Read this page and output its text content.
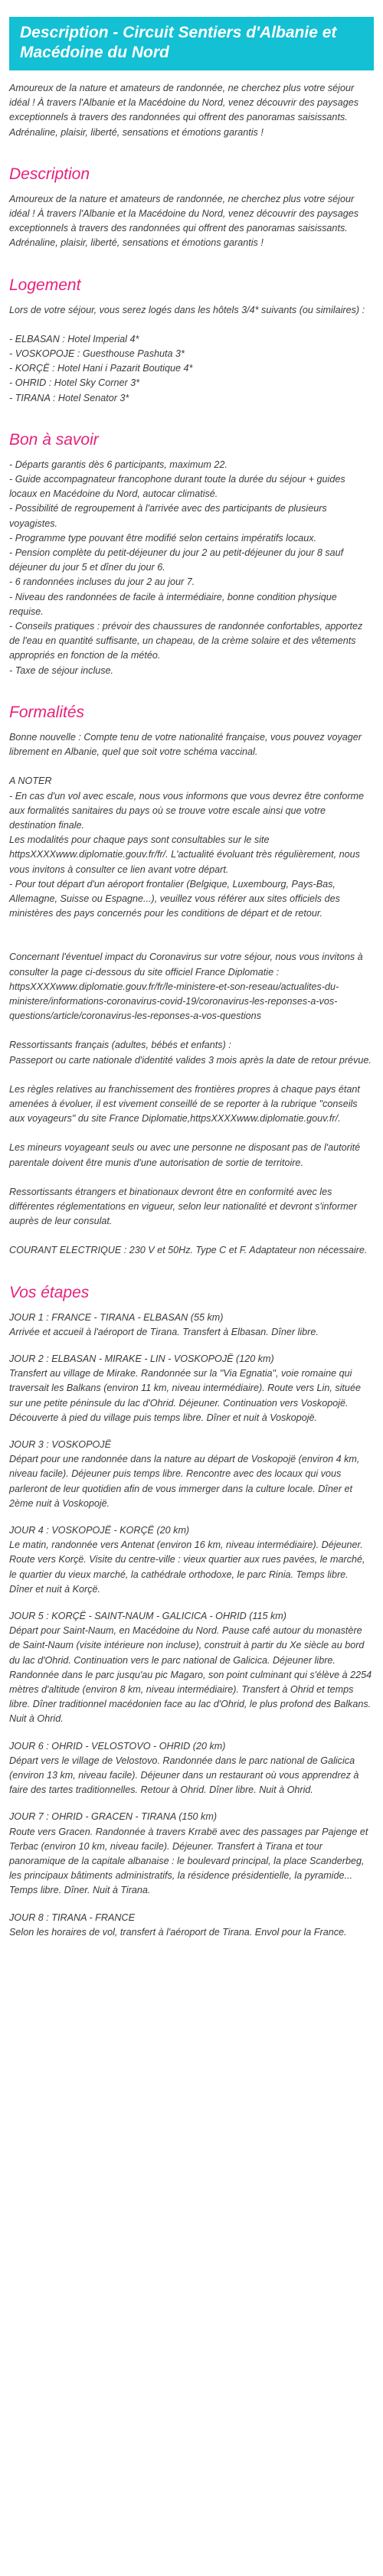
Description - Circuit Sentiers d'Albanie et Macédoine du Nord

Amoureux de la nature et amateurs de randonnée, ne cherchez plus votre séjour idéal ! À travers l'Albanie et la Macédoine du Nord, venez découvrir des paysages exceptionnels à travers des randonnées qui offrent des panoramas saisissants. Adrénaline, plaisir, liberté, sensations et émotions garantis !

Description

Amoureux de la nature et amateurs de randonnée, ne cherchez plus votre séjour idéal ! À travers l'Albanie et la Macédoine du Nord, venez découvrir des paysages exceptionnels à travers des randonnées qui offrent des panoramas saisissants. Adrénaline, plaisir, liberté, sensations et émotions garantis !

Logement

Lors de votre séjour, vous serez logés dans les hôtels 3/4* suivants (ou similaires) :

- ELBASAN : Hotel Imperial 4*

- VOSKOPOJE : Guesthouse Pashuta 3*

- KORÇË : Hotel Hani i Pazarit Boutique 4*

- OHRID : Hotel Sky Corner 3*

- TIRANA : Hotel Senator 3*

Bon à savoir

- Départs garantis dès 6 participants, maximum 22.

- Guide accompagnateur francophone durant toute la durée du séjour + guides locaux en Macédoine du Nord, autocar climatisé.

- Possibilité de regroupement à l'arrivée avec des participants de plusieurs voyagistes.

- Programme type pouvant être modifié selon certains impératifs locaux.

- Pension complète du petit-déjeuner du jour 2 au petit-déjeuner du jour 8 sauf déjeuner du jour 5 et dîner du jour 6.

- 6 randonnées incluses du jour 2 au jour 7.

- Niveau des randonnées de facile à intermédiaire, bonne condition physique requise.

- Conseils pratiques : prévoir des chaussures de randonnée confortables, apportez de l'eau en quantité suffisante, un chapeau, de la crème solaire et des vêtements appropriés en fonction de la météo.

- Taxe de séjour incluse.

Formalités

Bonne nouvelle : Compte tenu de votre nationalité française, vous pouvez voyager librement en Albanie, quel que soit votre schéma vaccinal.

A NOTER

- En cas d'un vol avec escale, nous vous informons que vous devrez être conforme aux formalités sanitaires du pays où se trouve votre escale ainsi que votre destination finale.

Les modalités pour chaque pays sont consultables sur le site httpsXXXXwww.diplomatie.gouv.fr/fr/. L'actualité évoluant très régulièrement, nous vous invitons à consulter ce lien avant votre départ.

- Pour tout départ d'un aéroport frontalier (Belgique, Luxembourg, Pays-Bas, Allemagne, Suisse ou Espagne...), veuillez vous référer aux sites officiels des ministères des pays concernés pour les conditions de départ et de retour.

Concernant l'éventuel impact du Coronavirus sur votre séjour, nous vous invitons à consulter la page ci-dessous du site officiel France Diplomatie : httpsXXXXwww.diplomatie.gouv.fr/fr/le-ministere-et-son-reseau/actualites-du-ministere/informations-coronavirus-covid-19/coronavirus-les-reponses-a-vos-questions/article/coronavirus-les-reponses-a-vos-questions

Ressortissants français (adultes, bébés et enfants) :

Passeport ou carte nationale d'identité valides 3 mois après la date de retour prévue.

Les règles relatives au franchissement des frontières propres à chaque pays étant amenées à évoluer, il est vivement conseillé de se reporter à la rubrique "conseils aux voyageurs" du site France Diplomatie,httpsXXXXwww.diplomatie.gouv.fr/.

Les mineurs voyageant seuls ou avec une personne ne disposant pas de l'autorité parentale doivent être munis d'une autorisation de sortie de territoire.

Ressortissants étrangers et binationaux devront être en conformité avec les différentes réglementations en vigueur, selon leur nationalité et devront s'informer auprès de leur consulat.

COURANT ELECTRIQUE : 230 V et 50Hz. Type C et F. Adaptateur non nécessaire.

Vos étapes

JOUR 1 : FRANCE - TIRANA - ELBASAN (55 km)

Arrivée et accueil à l'aéroport de Tirana. Transfert à Elbasan. Dîner libre.

JOUR 2 : ELBASAN - MIRAKE - LIN - VOSKOPOJË (120 km)

Transfert au village de Mirake. Randonnée sur la "Via Egnatia", voie romaine qui traversait les Balkans (environ 11 km, niveau intermédiaire). Route vers Lin, située sur une petite péninsule du lac d'Ohrid. Déjeuner. Continuation vers Voskopojë. Découverte à pied du village puis temps libre. Dîner et nuit à Voskopojë.

JOUR 3 : VOSKOPOJË

Départ pour une randonnée dans la nature au départ de Voskopojë (environ 4 km, niveau facile). Déjeuner puis temps libre. Rencontre avec des locaux qui vous parleront de leur quotidien afin de vous immerger dans la culture locale. Dîner et 2ème nuit à Voskopojë.

JOUR 4 : VOSKOPOJË - KORÇË (20 km)

Le matin, randonnée vers Antenat (environ 16 km, niveau intermédiaire). Déjeuner. Route vers Korçë. Visite du centre-ville : vieux quartier aux rues pavées, le marché, le quartier du vieux marché, la cathédrale orthodoxe, le parc Rinia. Temps libre. Dîner et nuit à Korçë.

JOUR 5 : KORÇË - SAINT-NAUM - GALICICA - OHRID (115 km)

Départ pour Saint-Naum, en Macédoine du Nord. Pause café autour du monastère de Saint-Naum (visite intérieure non incluse), construit à partir du Xe siècle au bord du lac d'Ohrid. Continuation vers le parc national de Galicica. Déjeuner libre. Randonnée dans le parc jusqu'au pic Magaro, son point culminant qui s'élève à 2254 mètres d'altitude (environ 8 km, niveau intermédiaire). Transfert à Ohrid et temps libre. Dîner traditionnel macédonien face au lac d'Ohrid, le plus profond des Balkans. Nuit à Ohrid.

JOUR 6 : OHRID - VELOSTOVO - OHRID (20 km)

Départ vers le village de Velostovo. Randonnée dans le parc national de Galicica (environ 13 km, niveau facile). Déjeuner dans un restaurant où vous apprendrez à faire des tartes traditionnelles. Retour à Ohrid. Dîner libre. Nuit à Ohrid.

JOUR 7 : OHRID - GRACEN - TIRANA (150 km)

Route vers Gracen. Randonnée à travers Krrabë avec des passages par Pajenge et Terbac (environ 10 km, niveau facile). Déjeuner. Transfert à Tirana et tour panoramique de la capitale albanaise : le boulevard principal, la place Scanderbeg, les principaux bâtiments administratifs, la résidence présidentielle, la pyramide... Temps libre. Dîner. Nuit à Tirana.

JOUR 8 : TIRANA - FRANCE

Selon les horaires de vol, transfert à l'aéroport de Tirana. Envol pour la France.
